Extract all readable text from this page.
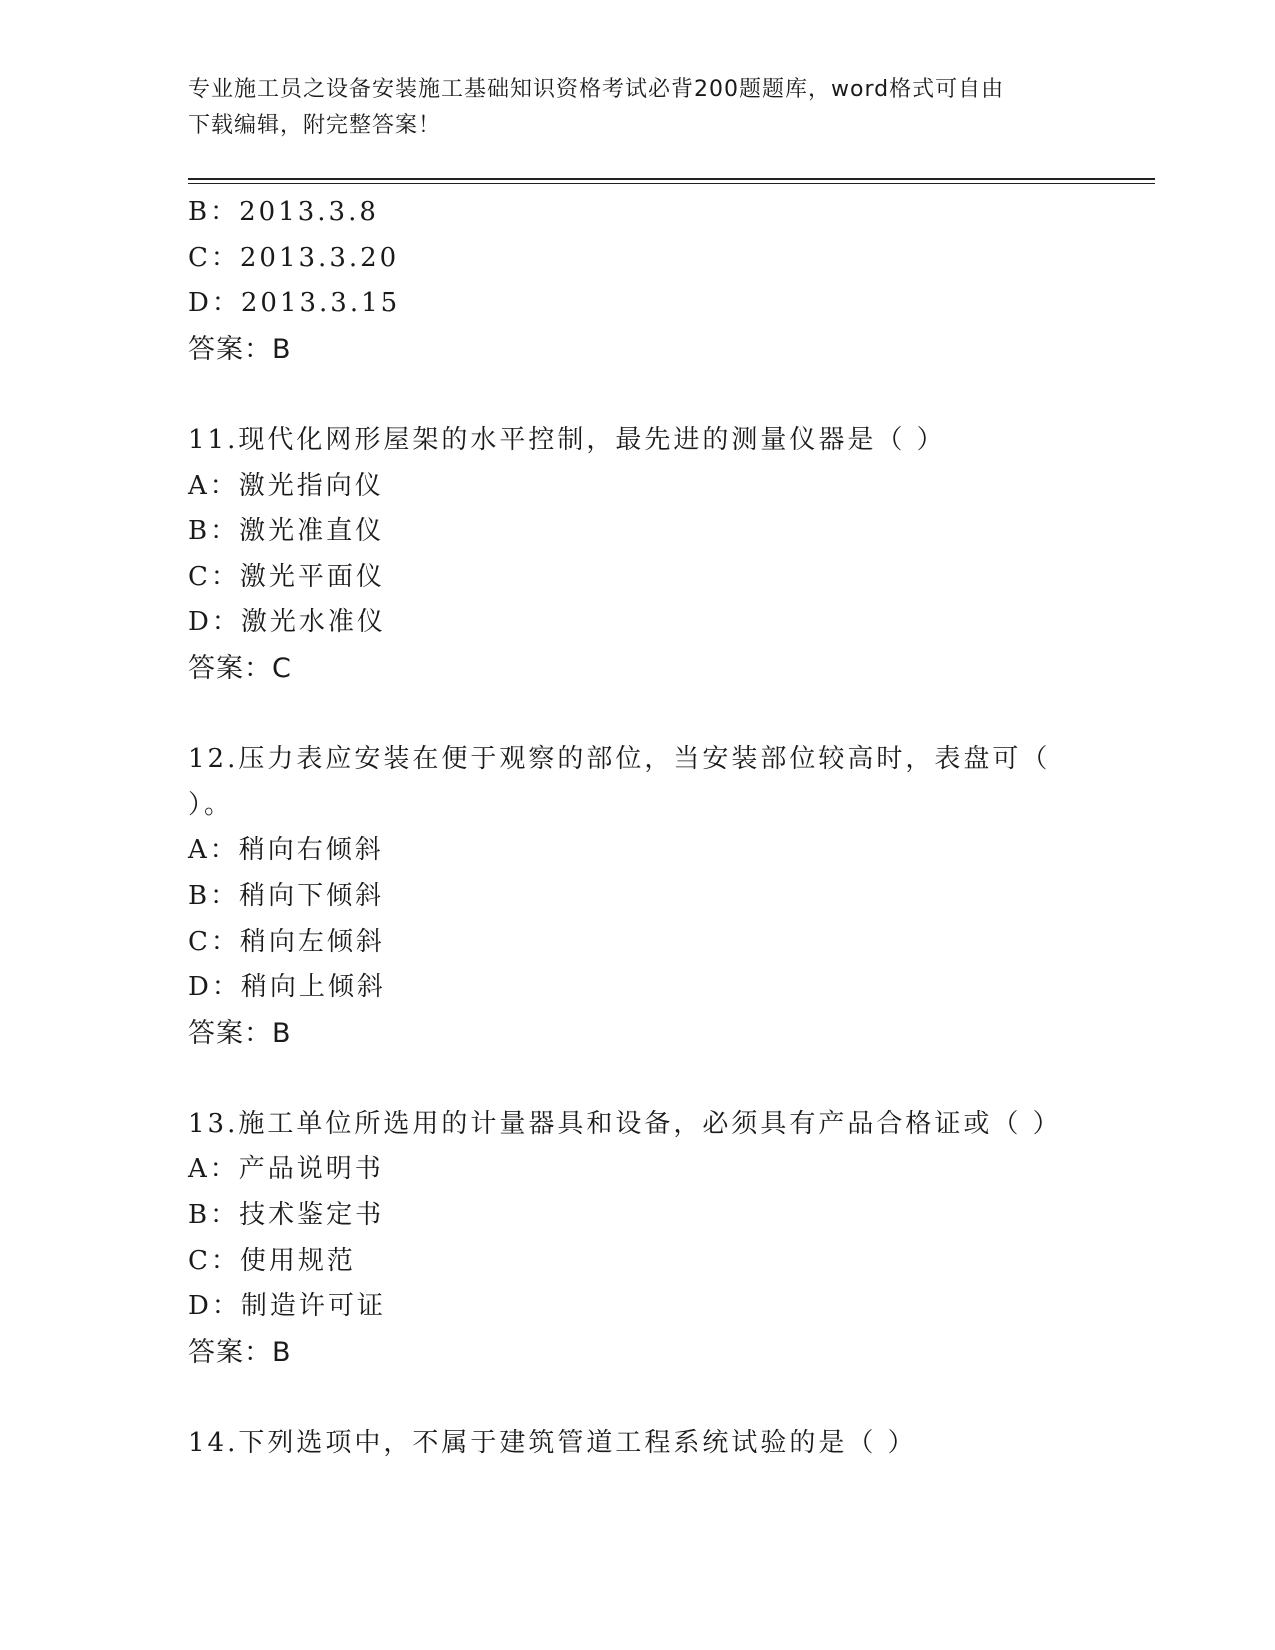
专业施工员之设备安装施工基础知识资格考试必背200题题库，word格式可自由
下载编辑，附完整答案！
B：2013.3.8
C：2013.3.20
D：2013.3.15
答案：B
11.现代化网形屋架的水平控制，最先进的测量仪器是（ ）
A：激光指向仪
B：激光准直仪
C：激光平面仪
D：激光水准仪
答案：C
12.压力表应安装在便于观察的部位，当安装部位较高时，表盘可（
）。
A：稍向右倾斜
B：稍向下倾斜
C：稍向左倾斜
D：稍向上倾斜
答案：B
13.施工单位所选用的计量器具和设备，必须具有产品合格证或（ ）
A：产品说明书
B：技术鉴定书
C：使用规范
D：制造许可证
答案：B
14.下列选项中，不属于建筑管道工程系统试验的是（ ）
